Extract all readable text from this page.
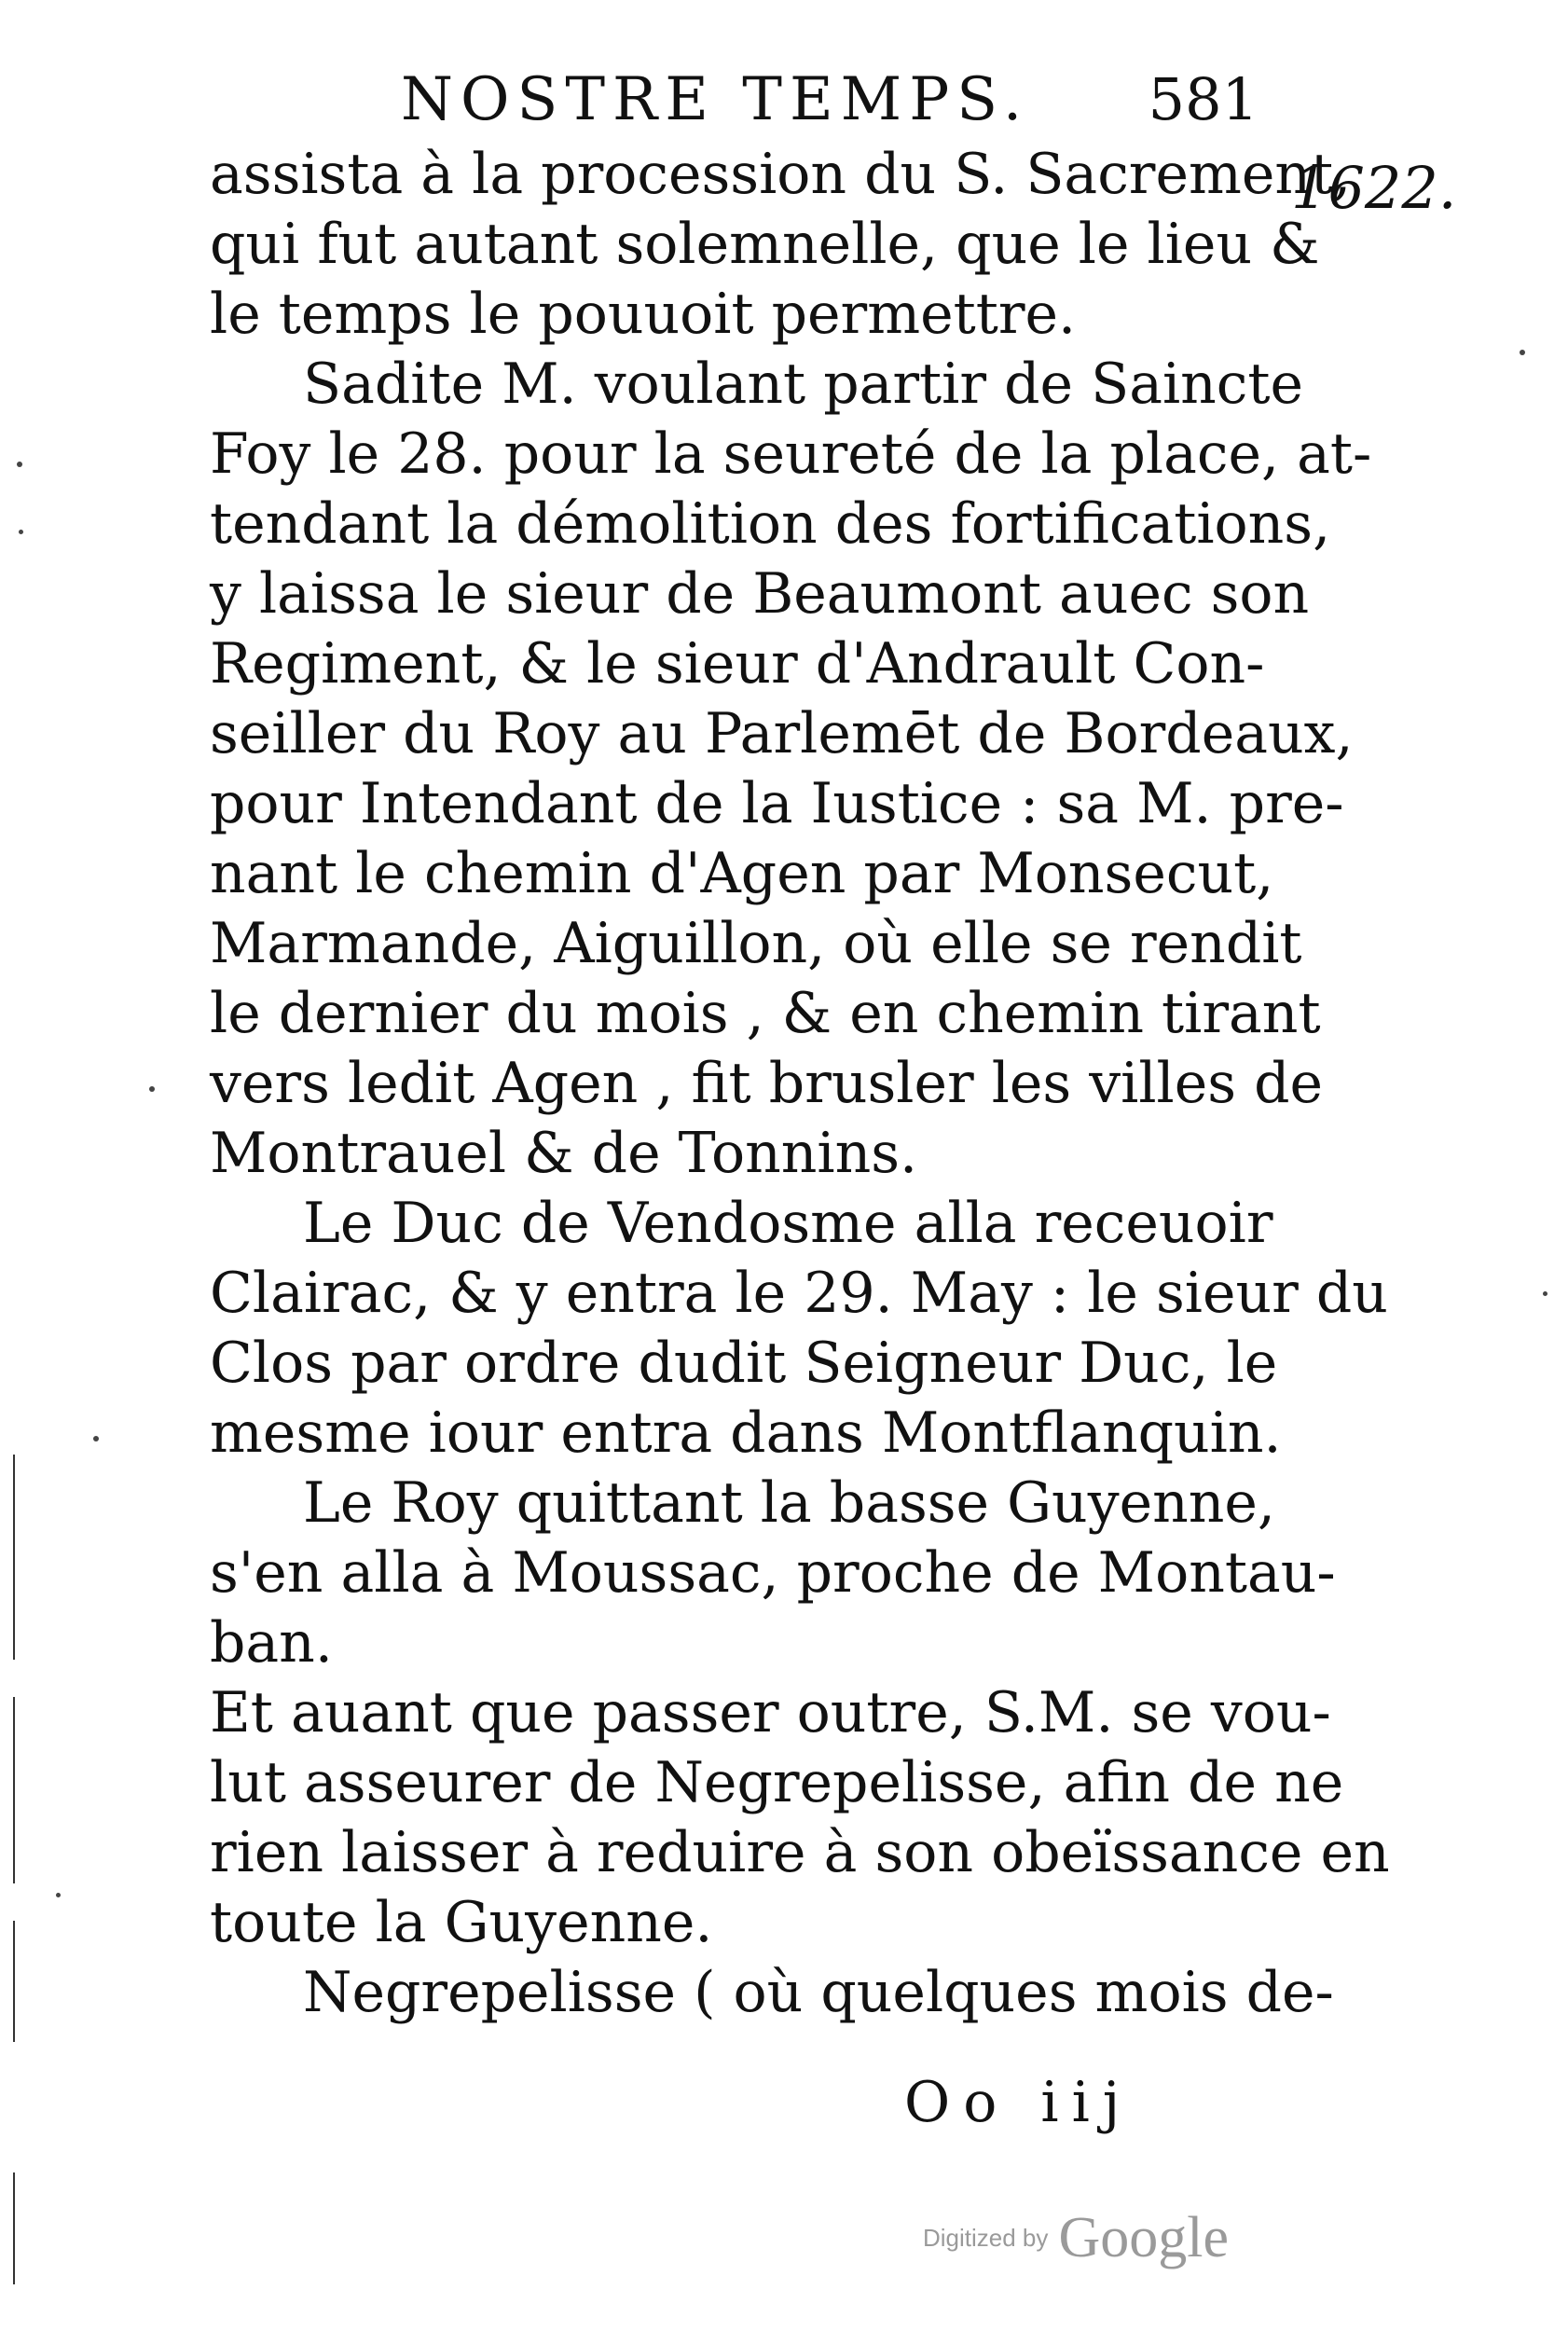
NOSTRE TEMPS. 581
1622.
assista à la procession du S. Sacrement,
qui fut autant solemnelle, que le lieu &
le temps le pouuoit permettre.
Sadite M. voulant partir de Saincte
Foy le 28. pour la seureté de la place, at-
tendant la démolition des fortifications,
y laissa le sieur de Beaumont auec son
Regiment, & le sieur d'Andrault Con-
seiller du Roy au Parlemēt de Bordeaux,
pour Intendant de la Iustice : sa M. pre-
nant le chemin d'Agen par Monsecut,
Marmande, Aiguillon, où elle se rendit
le dernier du mois , & en chemin tirant
vers ledit Agen , fit brusler les villes de
Montrauel & de Tonnins.
Le Duc de Vendosme alla receuoir
Clairac, & y entra le 29. May : le sieur du
Clos par ordre dudit Seigneur Duc, le
mesme iour entra dans Montflanquin.
Le Roy quittant la basse Guyenne,
s'en alla à Moussac, proche de Montau-
ban.
Et auant que passer outre, S.M. se vou-
lut asseurer de Negrepelisse, afin de ne
rien laisser à reduire à son obeïssance en
toute la Guyenne.
Negrepelisse ( où quelques mois de-
Oo iij
Digitized by Google
